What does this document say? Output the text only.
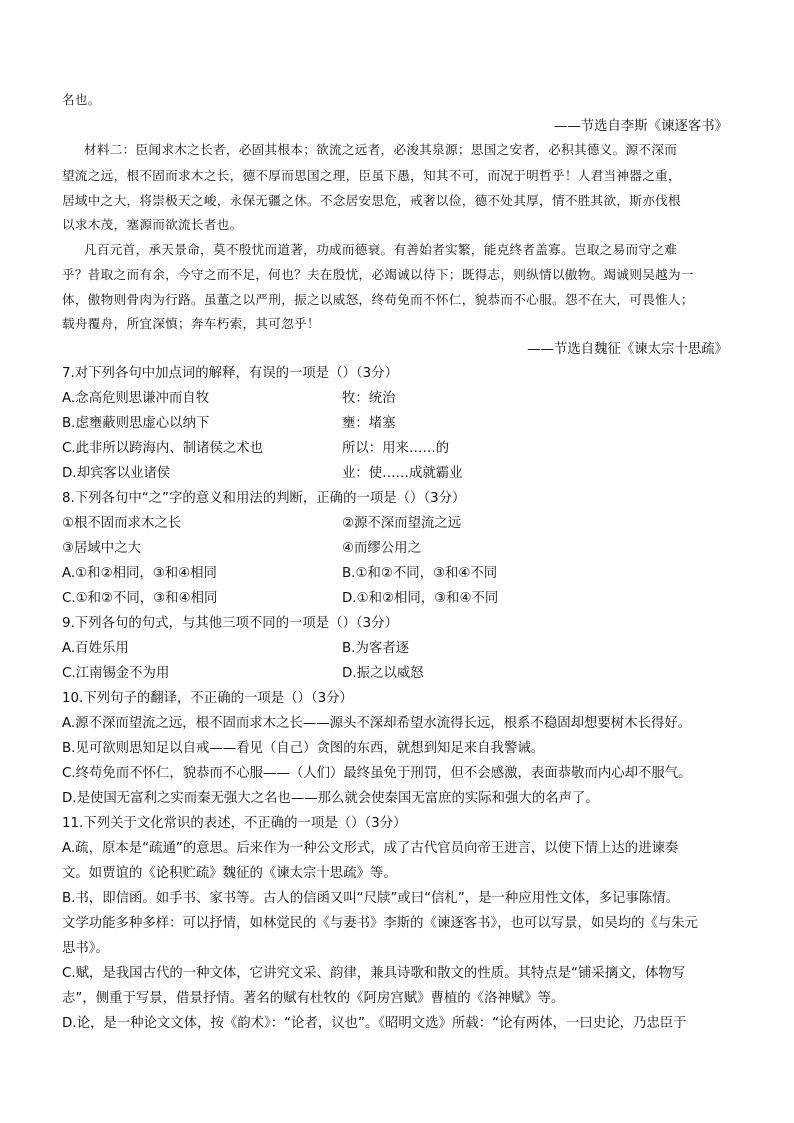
名也。
——节选自李斯《谏逐客书》
材料二：臣闻求木之长者，必固其根本；欲流之远者，必浚其泉源；思国之安者，必积其德义。源不深而
望流之远，根不固而求木之长，德不厚而思国之理，臣虽下愚，知其不可，而况于明哲乎！人君当神器之重，
居域中之大，将崇极天之峻，永保无疆之休。不念居安思危，戒奢以俭，德不处其厚，情不胜其欲，斯亦伐根
以求木茂，塞源而欲流长者也。
凡百元首，承天景命，莫不殷忧而道著，功成而德衰。有善始者实繁，能克终者盖寡。岂取之易而守之难
乎？昔取之而有余，今守之而不足，何也？夫在殷忧，必竭诚以待下；既得志，则纵情以傲物。竭诚则吴越为一
体，傲物则骨肉为行路。虽董之以严刑，振之以威怒，终苟免而不怀仁，貌恭而不心服。怨不在大，可畏惟人；
载舟覆舟，所宜深慎；奔车朽索，其可忽乎！
——节选自魏征《谏太宗十思疏》
7.对下列各句中加点词的解释，有误的一项是（）（3分）
A.念高危则思谦冲而自牧	牧：统治
B.虑壅蔽则思虚心以纳下	壅：堵塞
C.此非所以跨海内、制诸侯之术也	所以：用来……的
D.却宾客以业诸侯	业：使……成就霸业
8.下列各句中“之”字的意义和用法的判断，正确的一项是（）（3分）
①根不固而求木之长	②源不深而望流之远
③居域中之大	④而缪公用之
A.①和②相同，③和④相同	B.①和②不同，③和④不同
C.①和②不同，③和④相同	D.①和②相同，③和④不同
9.下列各句的句式，与其他三项不同的一项是（）（3分）
A.百姓乐用	B.为客者逐
C.江南锡金不为用	D.振之以威怒
10.下列句子的翻译，不正确的一项是（）（3分）
A.源不深而望流之远，根不固而求木之长——源头不深却希望水流得长远，根系不稳固却想要树木长得好。
B.见可欲则思知足以自戒——看见（自己）贪图的东西，就想到知足来自我警诫。
C.终苟免而不怀仁，貌恭而不心服——（人们）最终虽免于刑罚，但不会感激，表面恭敬而内心却不服气。
D.是使国无富利之实而秦无强大之名也——那么就会使秦国无富庶的实际和强大的名声了。
11.下列关于文化常识的表述，不正确的一项是（）（3分）
A.疏，原本是“疏通”的意思。后来作为一种公文形式，成了古代官员向帝王进言，以使下情上达的进谏奏
文。如贾谊的《论积贮疏》魏征的《谏太宗十思疏》等。
B.书，即信函。如手书、家书等。古人的信函又叫“尺牍”或曰“信札”，是一种应用性文体，多记事陈情。
文学功能多种多样：可以抒情，如林觉民的《与妻书》李斯的《谏逐客书》，也可以写景，如吴均的《与朱元
思书》。
C.赋，是我国古代的一种文体，它讲究文采、韵律，兼具诗歌和散文的性质。其特点是“铺采摛文，体物写
志”，侧重于写景，借景抒情。著名的赋有杜牧的《阿房宫赋》曹植的《洛神赋》等。
D.论，是一种论文文体，按《韵术》：“论者，议也”。《昭明文选》所载：“论有两体，一曰史论，乃忠臣于
